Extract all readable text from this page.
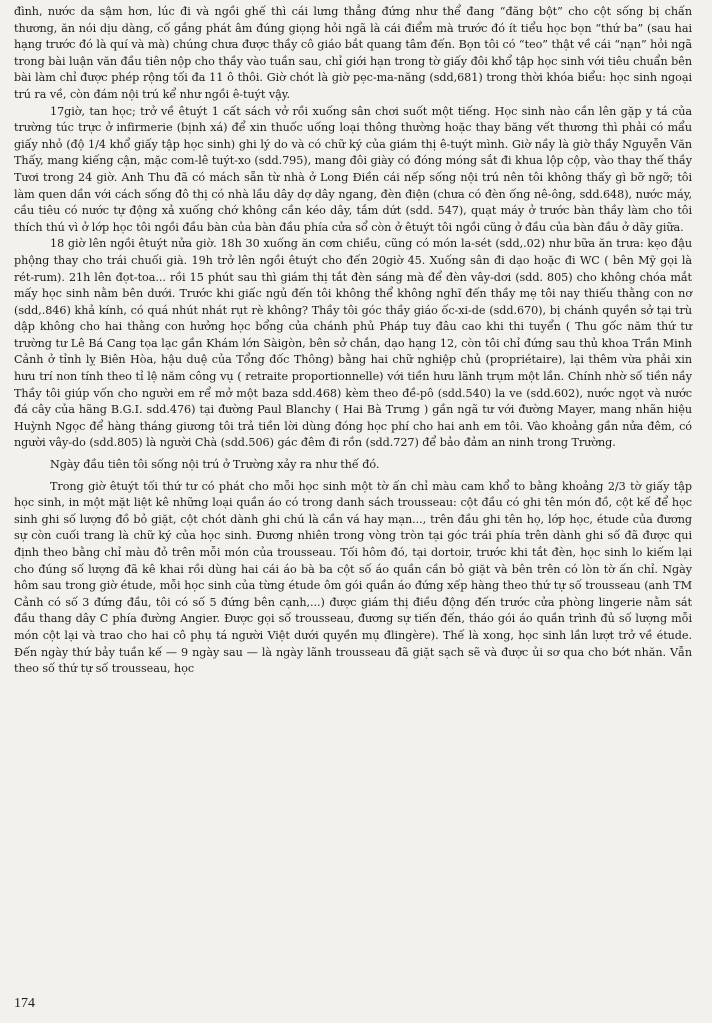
đình, nước da sậm hơn, lúc đi và ngồi ghế thì cái lưng thẳng đứng như thể đang “đăng bột” cho cột sống bị chấn thương, ăn nói dịu dàng, cố gắng phát âm đúng giọng hỏi ngã là cái điểm mà trước đó ít tiểu học bọn “thứ ba” (sau hai hạng trước đó là quí và mà) chúng chưa được thầy cô giáo bắt quang tâm đến. Bọn tôi có “teo” thật về cái “nạn” hỏi ngã trong bài luận văn đầu tiên nộp cho thầy vào tuần sau, chỉ giới hạn trong tờ giấy đôi khổ tập học sinh với tiêu chuẩn bên bài làm chỉ được phép rộng tối đa 11 ô thôi. Giờ chót là giờ pẹc-ma-năng (sdd,681) trong thời khóa biểu: học sinh ngoại trú ra về, còn đám nội trú kể như ngồi ê-tuýt vậy.

17giờ, tan học; trở về êtuýt 1 cất sách vở rồi xuống sân chơi suốt một tiếng. Học sinh nào cần lên gặp y tá của trường túc trực ở infirmerie (bịnh xá) để xin thuốc uống loại thông thường hoặc thay băng vết thương thì phải có mẩu giấy nhỏ (độ 1/4 khổ giấy tập học sinh) ghi lý do và có chữ ký của giám thị ê-tuýt mình. Giờ nầy là giờ thầy Nguyễn Văn Thấy, mang kiếng cận, mặc com-lê tuýt-xo (sdd.795), mang đôi giày có đóng móng sắt đi khua lộp cộp, vào thay thế thầy Tươi trong 24 giờ. Anh Thu đã có mách sẵn từ nhà ở Long Điền cái nếp sống nội trú nên tôi không thấy gì bỡ ngỡ; tôi làm quen dần với cách sống đô thị có nhà lầu dây dợ dây ngang, đèn điện (chưa có đèn ống nê-ông, sdd.648), nước máy, cầu tiêu có nước tự động xả xuống chớ không cần kéo dây, tắm dứt (sdd. 547), quạt máy ở trước bàn thầy làm cho tôi thích thú vì ở lớp học tôi ngồi đầu bàn của bàn đầu phía cửa sổ còn ở êtuýt tôi ngồi cũng ở đầu của bàn đầu ở dãy giữa.

18 giờ lên ngồi êtuýt nửa giờ. 18h 30 xuống ăn cơm chiều, cũng có món la-sét (sdd,.02) như bữa ăn trưa: kẹo đậu phộng thay cho trái chuối già. 19h trở lên ngồi êtuýt cho đến 20giờ 45. Xuống sân đi dạo hoặc đi WC ( bên Mỹ gọi là rét-rum). 21h lên đọt-toa... rồi 15 phút sau thì giám thị tắt đèn sáng mà để đèn vây-dơi (sdd. 805) cho không chóa mắt mấy học sinh nằm bên dưới. Trước khi giấc ngủ đến tôi không thể không nghĩ đến thầy mẹ tôi nay thiếu thằng con nơ (sdd,.846) khả kính, có quá nhút nhát rụt rè không? Thầy tôi góc thầy giáo ốc-xi-de (sdd.670), bị chánh quyền sở tại trù dập không cho hai thằng con hưởng học bổng của chánh phủ Pháp tuy đâu cao khi thi tuyển ( Thu gốc năm thứ tư trường tư Lê Bá Cang tọa lạc gần Khám lớn Sàigòn, bên sở chắn, dạo hạng 12, còn tôi chỉ đứng sau thủ khoa Trần Minh Cảnh ở tỉnh lỵ Biên Hòa, hậu duệ của Tổng đốc Thông) bằng hai chữ nghiệp chủ (propriétaire), lại thêm vừa phải xin hưu trí non tính theo tỉ lệ năm công vụ ( retraite proportionnelle) với tiền hưu lãnh trụm một lần. Chính nhờ số tiền nầy Thầy tôi giúp vốn cho người em rể mở một baza sdd.468) kèm theo đề-pô (sdd.540) la ve (sdd.602), nước ngọt và nước đá cây của hãng B.G.I. sdd.476) tại đường Paul Blanchy ( Hai Bà Trưng ) gần ngã tư với đường Mayer, mang nhãn hiệu Huỳnh Ngọc để hàng tháng giương tôi trả tiền lời dùng đóng học phí cho hai anh em tôi. Vào khoảng gần nửa đêm, có người vây-do (sdd.805) là người Chà (sdd.506) gác đêm đi rồn (sdd.727) để bảo đảm an ninh trong Trường.

Ngày đầu tiên tôi sống nội trú ở Trường xảy ra như thế đó.

Trong giờ êtuýt tối thứ tư có phát cho mỗi học sinh một tờ ấn chỉ màu cam khổ to bằng khoảng 2/3 tờ giấy tập học sinh, in một mặt liệt kê những loại quần áo có trong danh sách trousseau: cột đầu có ghi tên món đồ, cột kế để học sinh ghi số lượng đồ bỏ giặt, cột chót dành ghi chú là cần vá hay mạn..., trên đầu ghi tên họ, lớp học, étude của đương sự còn cuối trang là chữ ký của học sinh. Đương nhiên trong vòng tròn tại góc trái phía trên dành ghi số đã được qui định theo bằng chỉ màu đỏ trên mỗi món của trousseau. Tối hôm đó, tại dortoir, trước khi tắt đèn, học sinh lo kiếm lại cho đúng số lượng đã kê khai rồi dùng hai cái áo bà ba cột số áo quần cần bỏ giặt và bên trên có lòn tờ ấn chỉ. Ngày hôm sau trong giờ étude, mỗi học sinh của từng étude ôm gói quần áo đứng xếp hàng theo thứ tự số trousseau (anh TM Cảnh có số 3 đứng đầu, tôi có số 5 đứng bên cạnh,...) được giám thị điều động đến trước cửa phòng lingerie nằm sát đầu thang dây C phía đường Angier. Được gọi số trousseau, đương sự tiến đến, tháo gói áo quần trình đủ số lượng mỗi món cột lại và trao cho hai cô phụ tá người Việt dưới quyền mụ đlingère). Thế là xong, học sinh lần lượt trở về étude. Đến ngày thứ bảy tuần kế — 9 ngày sau — là ngày lãnh trousseau đã giặt sạch sẽ và được ủi sơ qua cho bớt nhăn. Vẫn theo số thứ tự số trousseau, học

174
